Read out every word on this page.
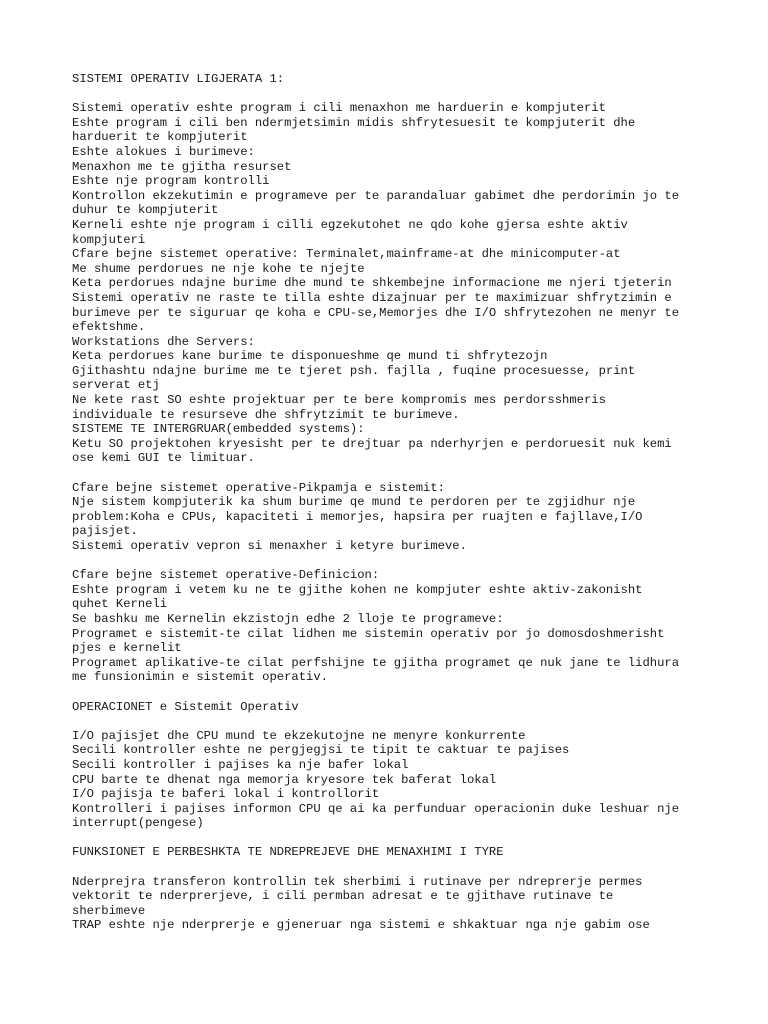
SISTEMI OPERATIV LIGJERATA 1:
Sistemi operativ eshte program i cili menaxhon me harduerin e kompjuterit
Eshte program i cili ben ndermjetsimin midis shfrytesuesit te kompjuterit dhe
harduerit te kompjuterit
Eshte alokues i burimeve:
Menaxhon me te gjitha resurset
Eshte nje program kontrolli
Kontrollon ekzekutimin e programeve per te parandaluar gabimet dhe perdorimin jo te
duhur te kompjuterit
Kerneli eshte nje program i cilli egzekutohet ne qdo kohe gjersa eshte aktiv
kompjuteri
Cfare bejne sistemet operative: Terminalet,mainframe-at dhe minicomputer-at
Me shume perdorues ne nje kohe te njejte
Keta perdorues ndajne burime dhe mund te shkembejne informacione me njeri tjeterin
Sistemi operativ ne raste te tilla eshte dizajnuar per te maximizuar shfrytzimin e
burimeve per te siguruar qe koha e CPU-se,Memorjes dhe I/O shfrytezohen ne menyr te
efektshme.
Workstations dhe Servers:
Keta perdorues kane burime te disponueshme qe mund ti shfrytezojn
Gjithashtu ndajne burime me te tjeret psh. fajlla , fuqine procesuesse, print
serverat etj
Ne kete rast SO eshte projektuar per te bere kompromis mes perdorsshmeris
individuale te resurseve dhe shfrytzimit te burimeve.
SISTEME TE INTERGRUAR(embedded systems):
Ketu SO projektohen kryesisht per te drejtuar pa nderhyrjen e perdoruesit nuk kemi
ose kemi GUI te limituar.
Cfare bejne sistemet operative-Pikpamja e sistemit:
Nje sistem kompjuterik ka shum burime qe mund te perdoren per te zgjidhur nje
problem:Koha e CPUs, kapaciteti i memorjes, hapsira per ruajten e fajllave,I/O
pajisjet.
Sistemi operativ vepron si menaxher i ketyre burimeve.
Cfare bejne sistemet operative-Definicion:
Eshte program i vetem ku ne te gjithe kohen ne kompjuter eshte aktiv-zakonisht
quhet Kerneli
Se bashku me Kernelin ekzistojn edhe 2 lloje te programeve:
Programet e sistemit-te cilat lidhen me sistemin operativ por jo domosdoshmerisht
pjes e kernelit
Programet aplikative-te cilat perfshijne te gjitha programet qe nuk jane te lidhura
me funsionimin e sistemit operativ.
OPERACIONET e Sistemit Operativ
I/O pajisjet dhe CPU mund te ekzekutojne ne menyre konkurrente
Secili kontroller eshte ne pergjegjsi te tipit te caktuar te pajises
Secili kontroller i pajises ka nje bafer lokal
CPU barte te dhenat nga memorja kryesore tek baferat lokal
I/O pajisja te baferi lokal i kontrollorit
Kontrolleri i pajises informon CPU qe ai ka perfunduar operacionin duke leshuar nje
interrupt(pengese)
FUNKSIONET E PERBESHKTA TE NDREPREJEVE DHE MENAXHIMI I TYRE
Nderprejra transferon kontrollin tek sherbimi i rutinave per ndreprerje permes
vektorit te nderprerjeve, i cili permban adresat e te gjithave rutinave te
sherbimeve
TRAP eshte nje nderprerje e gjeneruar nga sistemi e shkaktuar nga nje gabim ose
